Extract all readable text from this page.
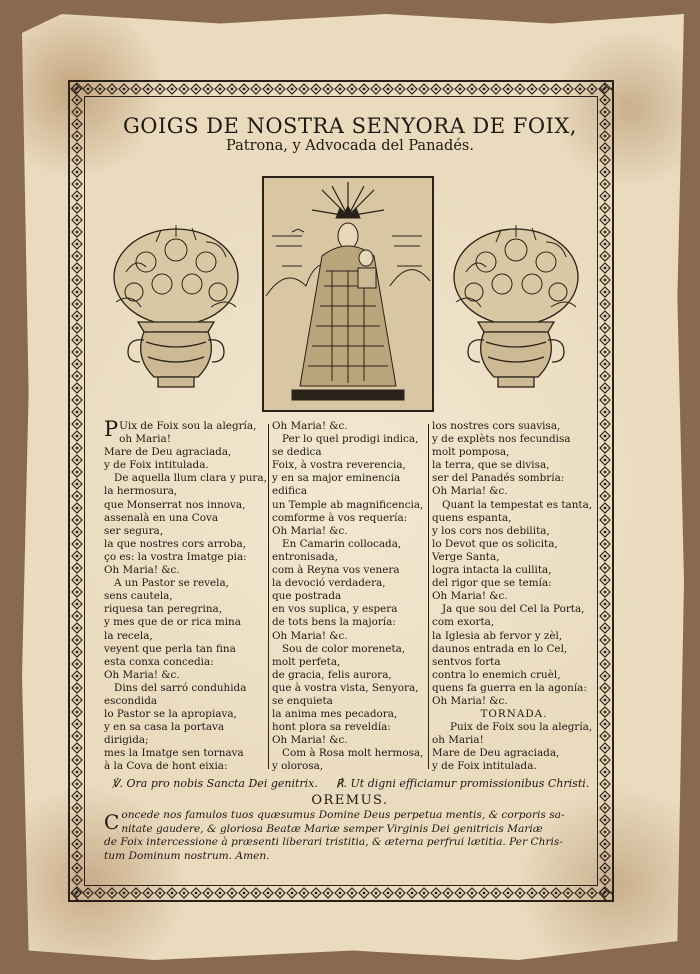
GOIGS DE NOSTRA SENYORA DE FOIX,
Patrona, y Advocada del Panadés.
P Uix de Foix sou la alegría,
oh Maria!
Mare de Deu agraciada,
y de Foix intitulada.
De aquella llum clara y pura,
la hermosura,
que Monserrat nos innova,
assenalà en una Cova
ser segura,
la que nostres cors arroba,
ço es: la vostra Imatge pia:
Oh Maria! &c.
A un Pastor se revela,
sens cautela,
riquesa tan peregrina,
y mes que de or rica mina
la recela,
veyent que perla tan fina
esta conxa concedia:
Oh Maria! &c.
Dins del sarró conduhida
escondida
lo Pastor se la apropiava,
y en sa casa la portava
dirigida;
mes la Imatge sen tornava
à la Cova de hont eixia:
Oh Maria! &c.
Per lo quel prodigi indica,
se dedica
Foix, à vostra reverencia,
y en sa major eminencia
edifica
un Temple ab magnificencia,
comforme à vos requería:
Oh Maria! &c.
En Camarin collocada,
entronisada,
com à Reyna vos venera
la devoció verdadera,
que postrada
en vos suplica, y espera
de tots bens la majoría:
Oh Maria! &c.
Sou de color moreneta,
molt perfeta,
de gracia, felis aurora,
que à vostra vista, Senyora,
se enquieta
la anima mes pecadora,
hont plora sa reveldía:
Oh Maria! &c.
Com à Rosa molt hermosa,
y olorosa,
los nostres cors suavisa,
y de explèts nos fecundisa
molt pomposa,
la terra, que se divisa,
ser del Panadés sombría:
Oh Maria! &c.
Quant la tempestat es tanta,
quens espanta,
y los cors nos debilita,
lo Devot que os solicita,
Verge Santa,
logra intacta la cullita,
del rigor que se temía:
Oh Maria! &c.
Ja que sou del Cel la Porta,
com exorta,
la Iglesia ab fervor y zèl,
daunos entrada en lo Cel,
sentvos forta
contra lo enemich cruèl,
quens fa guerra en la agonía:
Oh Maria! &c.
TORNADA.
Puix de Foix sou la alegría,
oh Maria!
Mare de Deu agraciada,
y de Foix intitulada.
℣. Ora pro nobis Sancta Dei genitrix. ℟. Ut digni efficiamur promissionibus Christi.
OREMUS.
Concede nos famulos tuos quæsumus Domine Deus perpetua mentis, & corporis sa-
nitate gaudere, & gloriosa Beatæ Mariæ semper Virginis Dei genitricis Mariæ
de Foix intercessione à præsenti liberari tristitia, & æterna perfrui lætitia. Per Chris-
tum Dominum nostrum. Amen.
